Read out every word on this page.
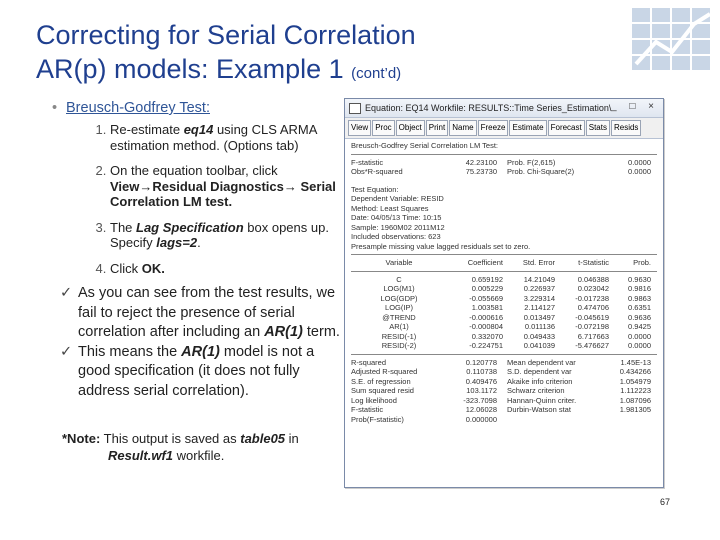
Correcting for Serial Correlation
AR(p) models: Example 1 (cont’d)
• Breusch-Godfrey Test:
1. Re-estimate eq14 using CLS ARMA estimation method. (Options tab)
2. On the equation toolbar, click View→Residual Diagnostics→ Serial Correlation LM test.
3. The Lag Specification box opens up. Specify lags=2.
4. Click OK.
✓ As you can see from the test results, we fail to reject the presence of serial correlation after including an AR(1) term.
✓ This means the AR(1) model is not a good specification (it does not fully address serial correlation).
*Note: This output is saved as table05 in
Result.wf1 workfile.
67
Equation: EQ14 Workfile: RESULTS::Time Series_Estimation\ _ □ ×
View Proc Object Print Name Freeze Estimate Forecast Stats Resids
Breusch-Godfrey Serial Correlation LM Test:
F-statistic	42.23100	Prob. F(2,615)	0.0000
Obs*R-squared	75.23730	Prob. Chi-Square(2)	0.0000
Test Equation:
Dependent Variable: RESID
Method: Least Squares
Date: 04/05/13 Time: 10:15
Sample: 1960M02 2011M12
Included observations: 623
Presample missing value lagged residuals set to zero.
Variable	Coefficient	Std. Error	t-Statistic	Prob.
C	0.659192	14.21049	0.046388	0.9630
LOG(M1)	0.005229	0.226937	0.023042	0.9816
LOG(GDP)	-0.055669	3.229314	-0.017238	0.9863
LOG(IP)	1.003581	2.114127	0.474706	0.6351
@TREND	-0.000616	0.013497	-0.045619	0.9636
AR(1)	-0.000804	0.011136	-0.072198	0.9425
RESID(-1)	0.332070	0.049433	6.717663	0.0000
RESID(-2)	-0.224751	0.041039	-5.476627	0.0000
R-squared	0.120778	Mean dependent var	1.45E-13
Adjusted R-squared	0.110738	S.D. dependent var	0.434266
S.E. of regression	0.409476	Akaike info criterion	1.054979
Sum squared resid	103.1172	Schwarz criterion	1.112223
Log likelihood	-323.7098	Hannan-Quinn criter.	1.087096
F-statistic	12.06028	Durbin-Watson stat	1.981305
Prob(F-statistic)	0.000000
